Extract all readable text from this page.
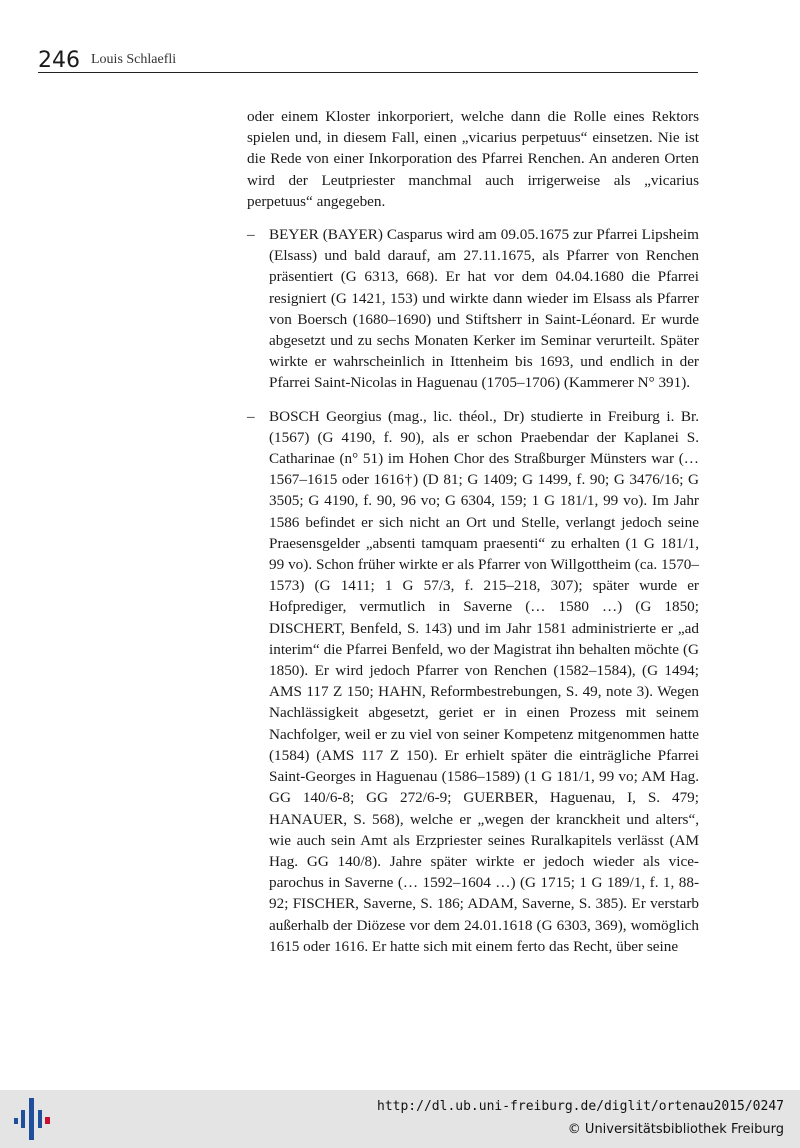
246 Louis Schlaefli

oder einem Kloster inkorporiert, welche dann die Rolle eines Rektors spielen und, in diesem Fall, einen „vicarius perpetuus“ einsetzen. Nie ist die Rede von einer Inkorporation des Pfarrei Renchen. An anderen Orten wird der Leutpriester manchmal auch irrigerweise als „vicarius perpetuus“ angegeben.

– BEYER (BAYER) Casparus wird am 09.05.1675 zur Pfarrei Lipsheim (Elsass) und bald darauf, am 27.11.1675, als Pfarrer von Renchen präsentiert (G 6313, 668). Er hat vor dem 04.04.1680 die Pfarrei resigniert (G 1421, 153) und wirkte dann wieder im Elsass als Pfarrer von Boersch (1680–1690) und Stiftsherr in Saint-Léonard. Er wurde abgesetzt und zu sechs Monaten Kerker im Seminar verurteilt. Später wirkte er wahrscheinlich in Ittenheim bis 1693, und endlich in der Pfarrei Saint-Nicolas in Haguenau (1705–1706) (Kammerer N° 391).

– BOSCH Georgius (mag., lic. théol., Dr) studierte in Freiburg i. Br. (1567) (G 4190, f. 90), als er schon Praebendar der Kaplanei S. Catharinae (n° 51) im Hohen Chor des Straßburger Münsters war (… 1567–1615 oder 1616†) (D 81; G 1409; G 1499, f. 90; G 3476/16; G 3505; G 4190, f. 90, 96 vo; G 6304, 159; 1 G 181/1, 99 vo). Im Jahr 1586 befindet er sich nicht an Ort und Stelle, verlangt jedoch seine Praesensgelder „absenti tamquam praesenti“ zu erhalten (1 G 181/1, 99 vo). Schon früher wirkte er als Pfarrer von Willgottheim (ca. 1570–1573) (G 1411; 1 G 57/3, f. 215–218, 307); später wurde er Hofprediger, vermutlich in Saverne (… 1580 …) (G 1850; DISCHERT, Benfeld, S. 143) und im Jahr 1581 administrierte er „ad interim“ die Pfarrei Benfeld, wo der Magistrat ihn behalten möchte (G 1850). Er wird jedoch Pfarrer von Renchen (1582–1584), (G 1494; AMS 117 Z 150; HAHN, Reformbestrebungen, S. 49, note 3). Wegen Nachlässigkeit abgesetzt, geriet er in einen Prozess mit seinem Nachfolger, weil er zu viel von seiner Kompetenz mitgenommen hatte (1584) (AMS 117 Z 150). Er erhielt später die einträgliche Pfarrei Saint-Georges in Haguenau (1586–1589) (1 G 181/1, 99 vo; AM Hag. GG 140/6-8; GG 272/6-9; GUERBER, Haguenau, I, S. 479; HANAUER, S. 568), welche er „wegen der kranckheit und alters“, wie auch sein Amt als Erzpriester seines Ruralkapitels verlässt (AM Hag. GG 140/8). Jahre später wirkte er jedoch wieder als vice-parochus in Saverne (… 1592–1604 …) (G 1715; 1 G 189/1, f. 1, 88-92; FISCHER, Saverne, S. 186; ADAM, Saverne, S. 385). Er verstarb außerhalb der Diözese vor dem 24.01.1618 (G 6303, 369), womöglich 1615 oder 1616. Er hatte sich mit einem ferto das Recht, über seine

http://dl.ub.uni-freiburg.de/diglit/ortenau2015/0247
© Universitätsbibliothek Freiburg
